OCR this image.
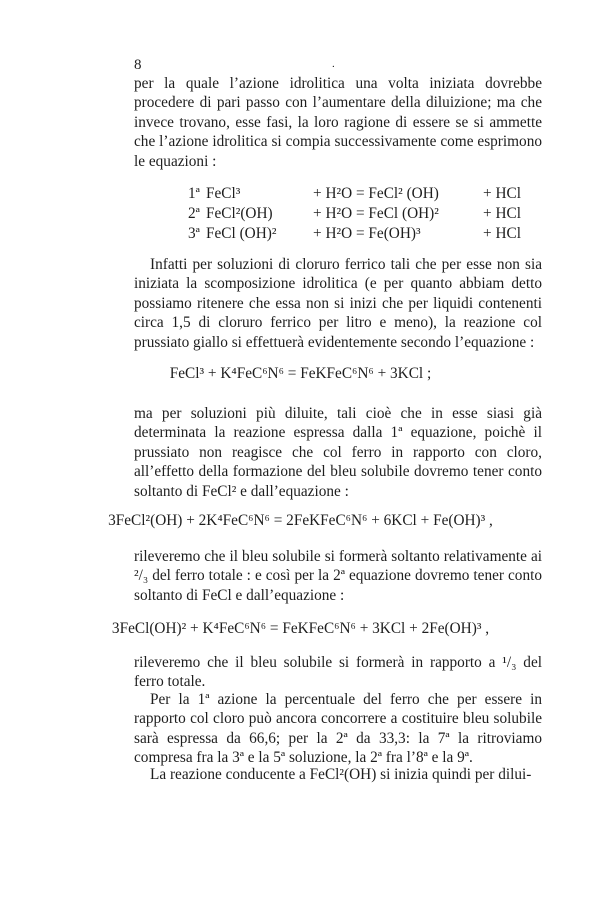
8	.

per la quale l’azione idrolitica una volta iniziata dovrebbe procedere di pari passo con l’aumentare della diluizione; ma che invece trovano, esse fasi, la loro ragione di essere se si ammette che l’azione idrolitica si compia successivamente come esprimono le equazioni :

1ª FeCl³	+ H²O = FeCl² (OH)	+ HCl
2ª FeCl²(OH)	+ H²O = FeCl (OH)²	+ HCl
3ª FeCl (OH)²	+ H²O = Fe(OH)³	+ HCl

Infatti per soluzioni di cloruro ferrico tali che per esse non sia iniziata la scomposizione idrolitica (e per quanto abbiam detto possiamo ritenere che essa non si inizi che per liquidi contenenti circa 1,5 di cloruro ferrico per litro e meno), la reazione col prussiato giallo si effettuerà evidentemente secondo l’equazione :

FeCl³ + K⁴FeC⁶N⁶ = FeKFeC⁶N⁶ + 3KCl ;

ma per soluzioni più diluite, tali cioè che in esse siasi già determinata la reazione espressa dalla 1ª equazione, poichè il prussiato non reagisce che col ferro in rapporto con cloro, all’effetto della formazione del bleu solubile dovremo tener conto soltanto di FeCl² e dall’equazione :

3FeCl²(OH) + 2K⁴FeC⁶N⁶ = 2FeKFeC⁶N⁶ + 6KCl + Fe(OH)³ ,

rileveremo che il bleu solubile si formerà soltanto relativamente ai ²/₃ del ferro totale : e così per la 2ª equazione dovremo tener conto soltanto di FeCl e dall’equazione :

3FeCl(OH)² + K⁴FeC⁶N⁶ = FeKFeC⁶N⁶ + 3KCl + 2Fe(OH)³ ,

rileveremo che il bleu solubile si formerà in rapporto a ¹/₃ del ferro totale.

Per la 1ª azione la percentuale del ferro che per essere in rapporto col cloro può ancora concorrere a costituire bleu solubile sarà espressa da 66,6; per la 2ª da 33,3: la 7ª la ritroviamo compresa fra la 3ª e la 5ª soluzione, la 2ª fra l’8ª e la 9ª.

La reazione conducente a FeCl²(OH) si inizia quindi per dilui-
